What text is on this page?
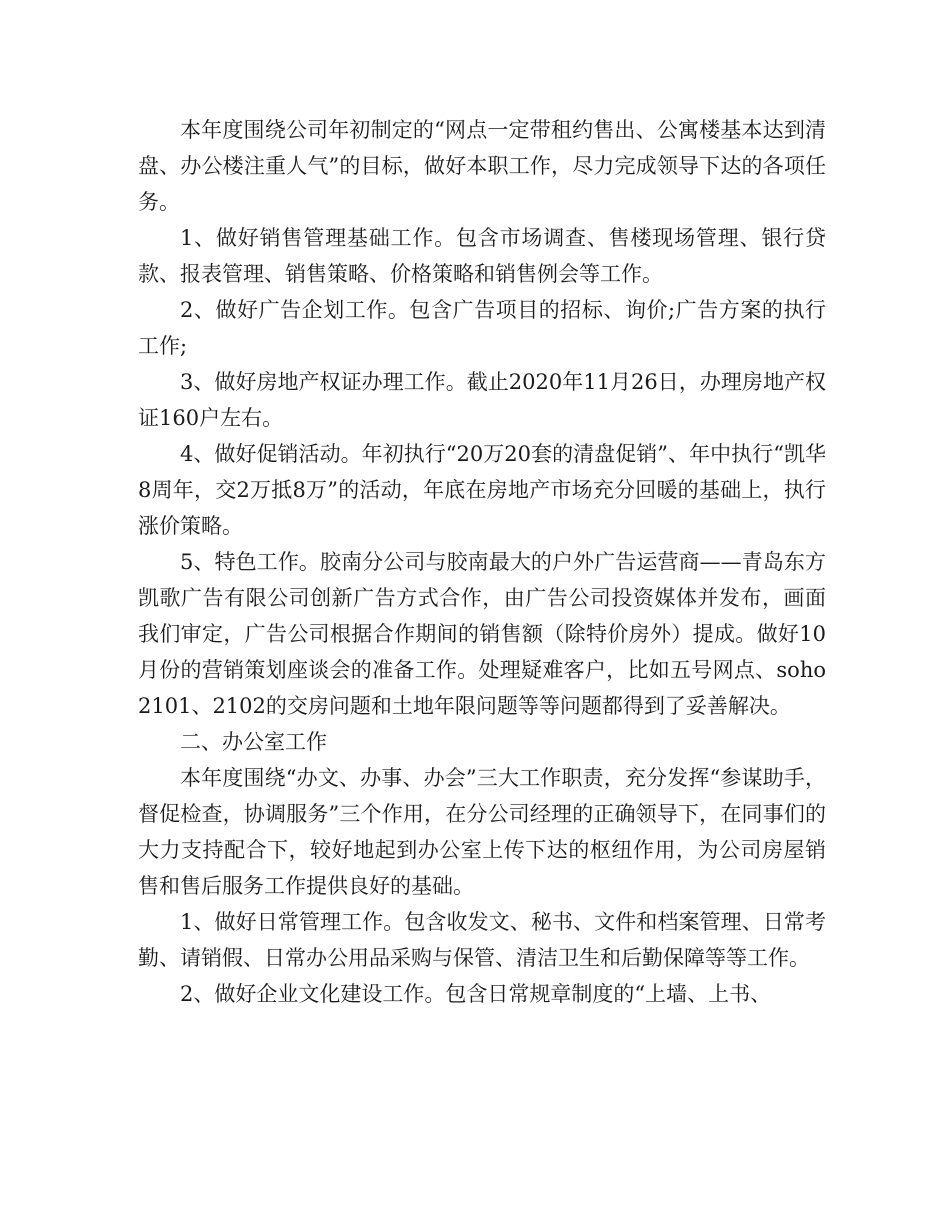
本年度围绕公司年初制定的“网点一定带租约售出、公寓楼基本达到清盘、办公楼注重人气”的目标，做好本职工作，尽力完成领导下达的各项任务。

1、做好销售管理基础工作。包含市场调查、售楼现场管理、银行贷款、报表管理、销售策略、价格策略和销售例会等工作。

2、做好广告企划工作。包含广告项目的招标、询价;广告方案的执行工作;

3、做好房地产权证办理工作。截止2020年11月26日，办理房地产权证160户左右。

4、做好促销活动。年初执行“20万20套的清盘促销”、年中执行“凯华8周年，交2万抵8万”的活动，年底在房地产市场充分回暖的基础上，执行涨价策略。

5、特色工作。胶南分公司与胶南最大的户外广告运营商——青岛东方凯歌广告有限公司创新广告方式合作，由广告公司投资媒体并发布，画面我们审定，广告公司根据合作期间的销售额（除特价房外）提成。做好10月份的营销策划座谈会的准备工作。处理疑难客户，比如五号网点、soho2101、2102的交房问题和土地年限问题等等问题都得到了妥善解决。

二、办公室工作

本年度围绕“办文、办事、办会”三大工作职责，充分发挥“参谋助手，督促检查，协调服务”三个作用，在分公司经理的正确领导下，在同事们的大力支持配合下，较好地起到办公室上传下达的枢纽作用，为公司房屋销售和售后服务工作提供良好的基础。

1、做好日常管理工作。包含收发文、秘书、文件和档案管理、日常考勤、请销假、日常办公用品采购与保管、清洁卫生和后勤保障等等工作。

2、做好企业文化建设工作。包含日常规章制度的“上墙、上书、
